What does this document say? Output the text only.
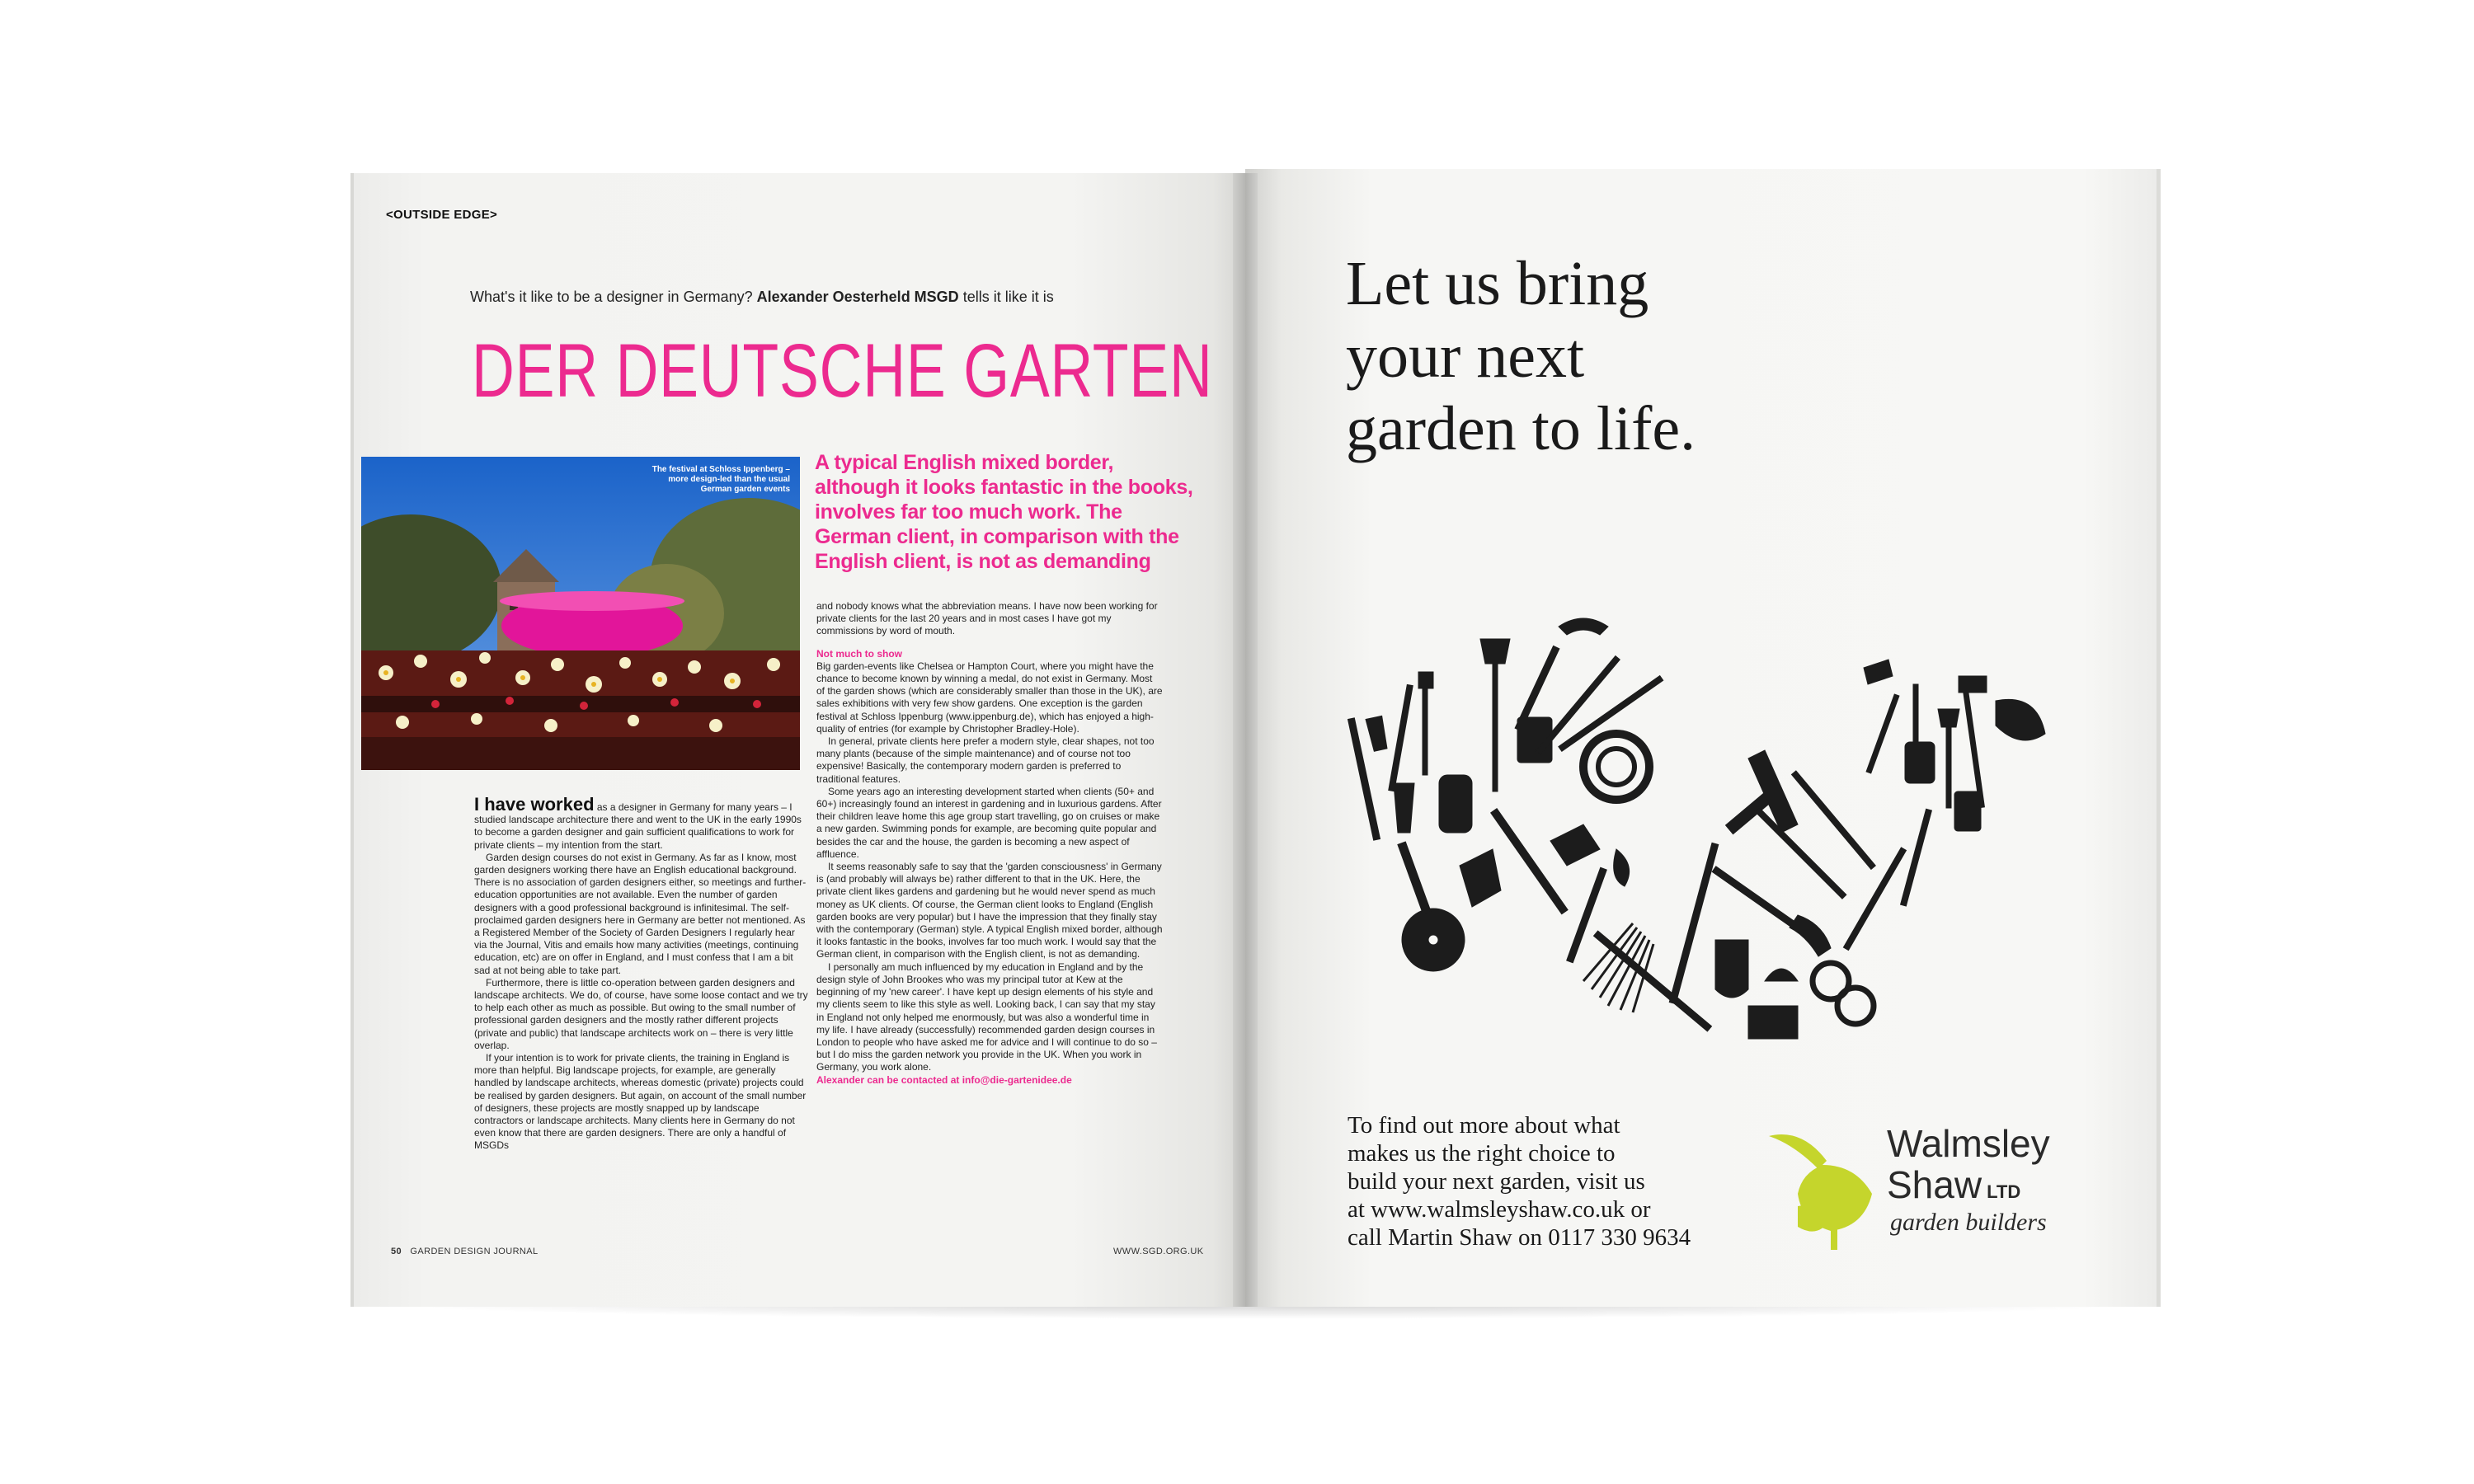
<OUTSIDE EDGE>
What's it like to be a designer in Germany? Alexander Oesterheld MSGD tells it like it is
DER DEUTSCHE GARTEN
The festival at Schloss Ippenberg – more design-led than the usual German garden events
A typical English mixed border, although it looks fantastic in the books, involves far too much work. The German client, in comparison with the English client, is not as demanding

I have worked as a designer in Germany for many years – I studied landscape architecture there and went to the UK in the early 1990s to become a garden designer and gain sufficient qualifications to work for private clients – my intention from the start.

Garden design courses do not exist in Germany. As far as I know, most garden designers working there have an English educational background. There is no association of garden designers either, so meetings and further-education opportunities are not available. Even the number of garden designers with a good professional background is infinitesimal. The self-proclaimed garden designers here in Germany are better not mentioned. As a Registered Member of the Society of Garden Designers I regularly hear via the Journal, Vitis and emails how many activities (meetings, continuing education, etc) are on offer in England, and I must confess that I am a bit sad at not being able to take part.

Furthermore, there is little co-operation between garden designers and landscape architects. We do, of course, have some loose contact and we try to help each other as much as possible. But owing to the small number of professional garden designers and the mostly rather different projects (private and public) that landscape architects work on – there is very little overlap.

If your intention is to work for private clients, the training in England is more than helpful. Big landscape projects, for example, are generally handled by landscape architects, whereas domestic (private) projects could be realised by garden designers. But again, on account of the small number of designers, these projects are mostly snapped up by landscape contractors or landscape architects. Many clients here in Germany do not even know that there are garden designers. There are only a handful of MSGDs

and nobody knows what the abbreviation means. I have now been working for private clients for the last 20 years and in most cases I have got my commissions by word of mouth.

Not much to show

Big garden-events like Chelsea or Hampton Court, where you might have the chance to become known by winning a medal, do not exist in Germany. Most of the garden shows (which are considerably smaller than those in the UK), are sales exhibitions with very few show gardens. One exception is the garden festival at Schloss Ippenburg (www.ippenburg.de), which has enjoyed a high-quality of entries (for example by Christopher Bradley-Hole).

In general, private clients here prefer a modern style, clear shapes, not too many plants (because of the simple maintenance) and of course not too expensive! Basically, the contemporary modern garden is preferred to traditional features.

Some years ago an interesting development started when clients (50+ and 60+) increasingly found an interest in gardening and in luxurious gardens. After their children leave home this age group start travelling, go on cruises or make a new garden. Swimming ponds for example, are becoming quite popular and besides the car and the house, the garden is becoming a new aspect of affluence.

It seems reasonably safe to say that the 'garden consciousness' in Germany is (and probably will always be) rather different to that in the UK. Here, the private client likes gardens and gardening but he would never spend as much money as UK clients. Of course, the German client looks to England (English garden books are very popular) but I have the impression that they finally stay with the contemporary (German) style. A typical English mixed border, although it looks fantastic in the books, involves far too much work. I would say that the German client, in comparison with the English client, is not as demanding.

I personally am much influenced by my education in England and by the design style of John Brookes who was my principal tutor at Kew at the beginning of my 'new career'. I have kept up design elements of his style and my clients seem to like this style as well. Looking back, I can say that my stay in England not only helped me enormously, but was also a wonderful time in my life. I have already (successfully) recommended garden design courses in London to people who have asked me for advice and I will continue to do so – but I do miss the garden network you provide in the UK. When you work in Germany, you work alone.

Alexander can be contacted at info@die-gartenidee.de

50 GARDEN DESIGN JOURNAL	WWW.SGD.ORG.UK
Let us bring
your next
garden to life.
To find out more about what
makes us the right choice to
build your next garden, visit us
at www.walmsleyshaw.co.uk or
call Martin Shaw on 0117 330 9634
Walmsley
Shaw LTD
garden builders
